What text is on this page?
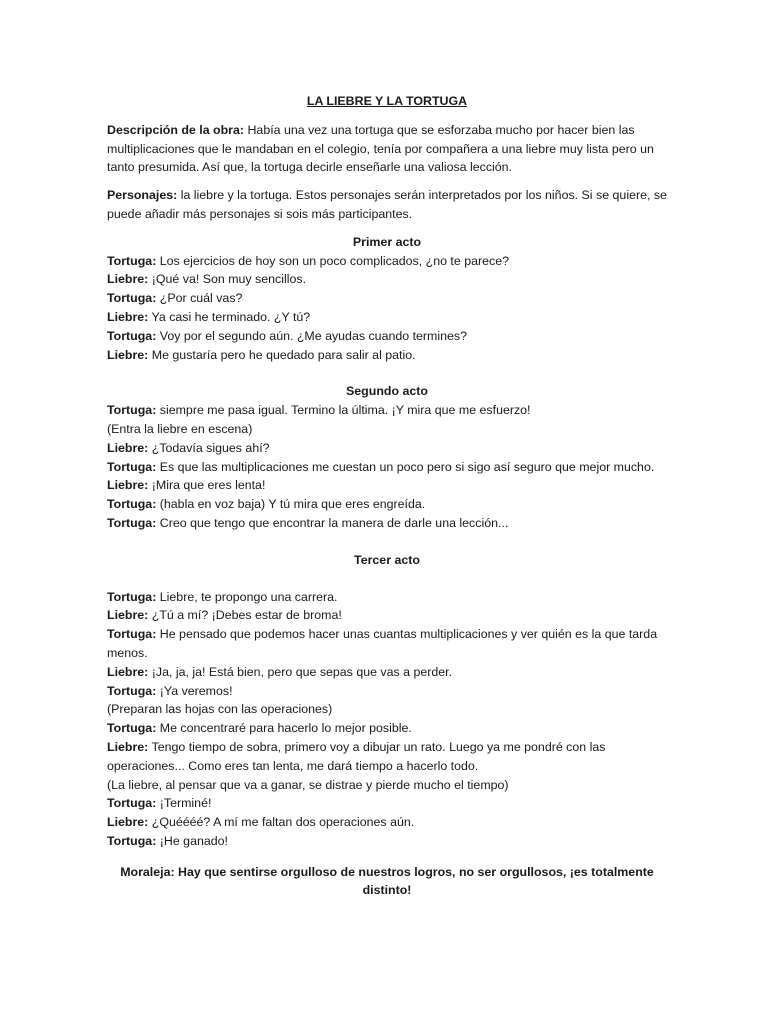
LA LIEBRE Y LA TORTUGA

Descripción de la obra: Había una vez una tortuga que se esforzaba mucho por hacer bien las multiplicaciones que le mandaban en el colegio, tenía por compañera a una liebre muy lista pero un tanto presumida. Así que, la tortuga decirle enseñarle una valiosa lección.

Personajes: la liebre y la tortuga. Estos personajes serán interpretados por los niños. Si se quiere, se puede añadir más personajes si sois más participantes.

Primer acto

Tortuga: Los ejercicios de hoy son un poco complicados, ¿no te parece?
Liebre: ¡Qué va! Son muy sencillos.
Tortuga: ¿Por cuál vas?
Liebre: Ya casi he terminado. ¿Y tú?
Tortuga: Voy por el segundo aún. ¿Me ayudas cuando termines?
Liebre: Me gustaría pero he quedado para salir al patio.

Segundo acto

Tortuga: siempre me pasa igual. Termino la última. ¡Y mira que me esfuerzo!
(Entra la liebre en escena)
Liebre: ¿Todavía sigues ahí?
Tortuga: Es que las multiplicaciones me cuestan un poco pero si sigo así seguro que mejor mucho.
Liebre: ¡Mira que eres lenta!
Tortuga: (habla en voz baja) Y tú mira que eres engreída.
Tortuga: Creo que tengo que encontrar la manera de darle una lección...

Tercer acto

Tortuga: Liebre, te propongo una carrera.
Liebre: ¿Tú a mí? ¡Debes estar de broma!
Tortuga: He pensado que podemos hacer unas cuantas multiplicaciones y ver quién es la que tarda menos.
Liebre: ¡Ja, ja, ja! Está bien, pero que sepas que vas a perder.
Tortuga: ¡Ya veremos!
(Preparan las hojas con las operaciones)
Tortuga: Me concentraré para hacerlo lo mejor posible.
Liebre: Tengo tiempo de sobra, primero voy a dibujar un rato. Luego ya me pondré con las operaciones... Como eres tan lenta, me dará tiempo a hacerlo todo.
(La liebre, al pensar que va a ganar, se distrae y pierde mucho el tiempo)
Tortuga: ¡Terminé!
Liebre: ¿Quéééé? A mí me faltan dos operaciones aún.
Tortuga: ¡He ganado!

Moraleja: Hay que sentirse orgulloso de nuestros logros, no ser orgullosos, ¡es totalmente distinto!
